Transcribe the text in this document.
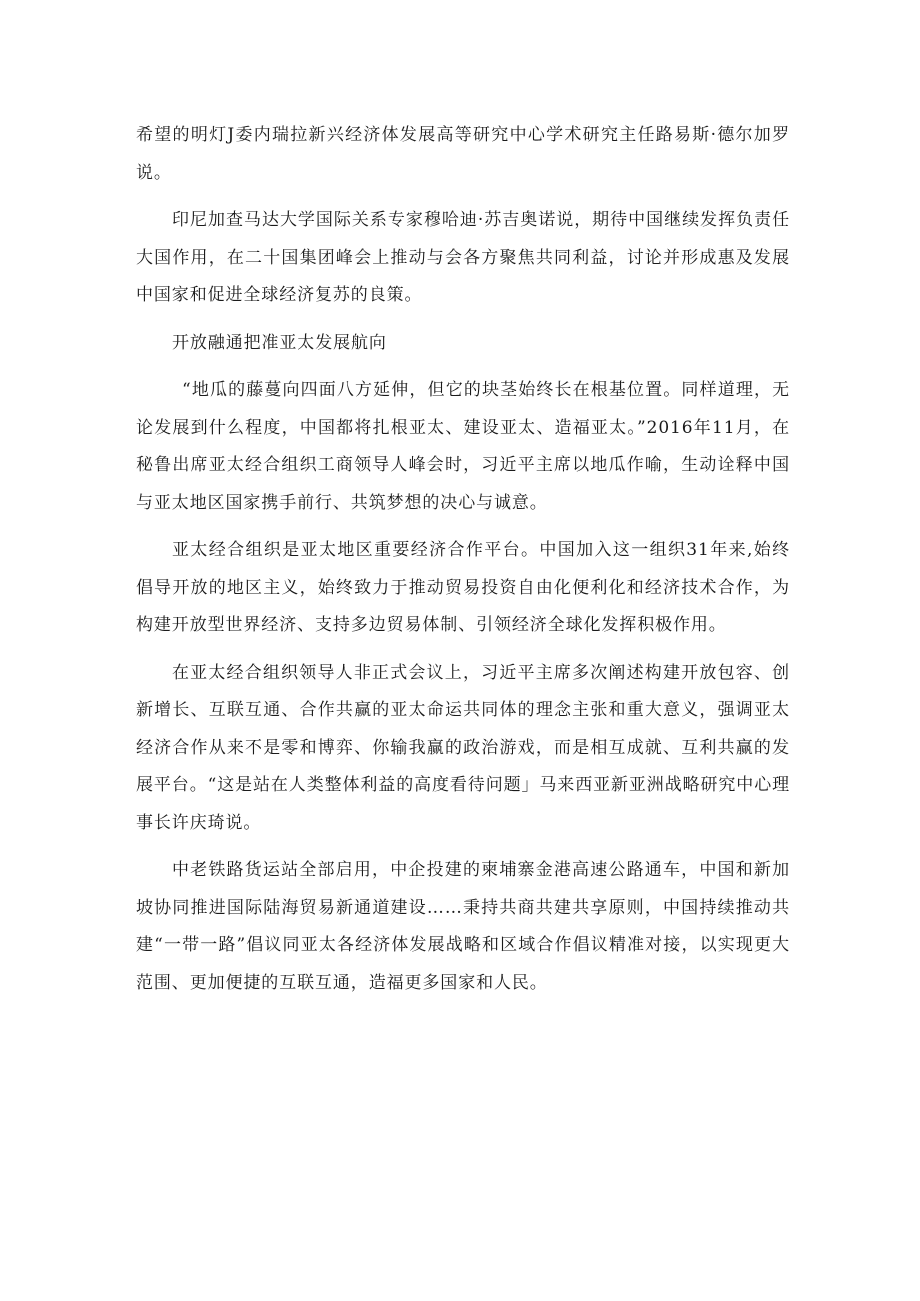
希望的明灯J委内瑞拉新兴经济体发展高等研究中心学术研究主任路易斯·德尔加罗说。

印尼加查马达大学国际关系专家穆哈迪·苏吉奥诺说，期待中国继续发挥负责任大国作用，在二十国集团峰会上推动与会各方聚焦共同利益，讨论并形成惠及发展中国家和促进全球经济复苏的良策。

开放融通把准亚太发展航向

“地瓜的藤蔓向四面八方延伸，但它的块茎始终长在根基位置。同样道理，无论发展到什么程度，中国都将扎根亚太、建设亚太、造福亚太。”2016年11月，在秘鲁出席亚太经合组织工商领导人峰会时，习近平主席以地瓜作喻，生动诠释中国与亚太地区国家携手前行、共筑梦想的决心与诚意。

亚太经合组织是亚太地区重要经济合作平台。中国加入这一组织31年来,始终倡导开放的地区主义，始终致力于推动贸易投资自由化便利化和经济技术合作，为构建开放型世界经济、支持多边贸易体制、引领经济全球化发挥积极作用。

在亚太经合组织领导人非正式会议上，习近平主席多次阐述构建开放包容、创新增长、互联互通、合作共赢的亚太命运共同体的理念主张和重大意义，强调亚太经济合作从来不是零和博弈、你输我赢的政治游戏，而是相互成就、互利共赢的发展平台。“这是站在人类整体利益的高度看待问题」马来西亚新亚洲战略研究中心理事长许庆琦说。

中老铁路货运站全部启用，中企投建的柬埔寨金港高速公路通车，中国和新加坡协同推进国际陆海贸易新通道建设……秉持共商共建共享原则，中国持续推动共建“一带一路”倡议同亚太各经济体发展战略和区域合作倡议精准对接，以实现更大范围、更加便捷的互联互通，造福更多国家和人民。
